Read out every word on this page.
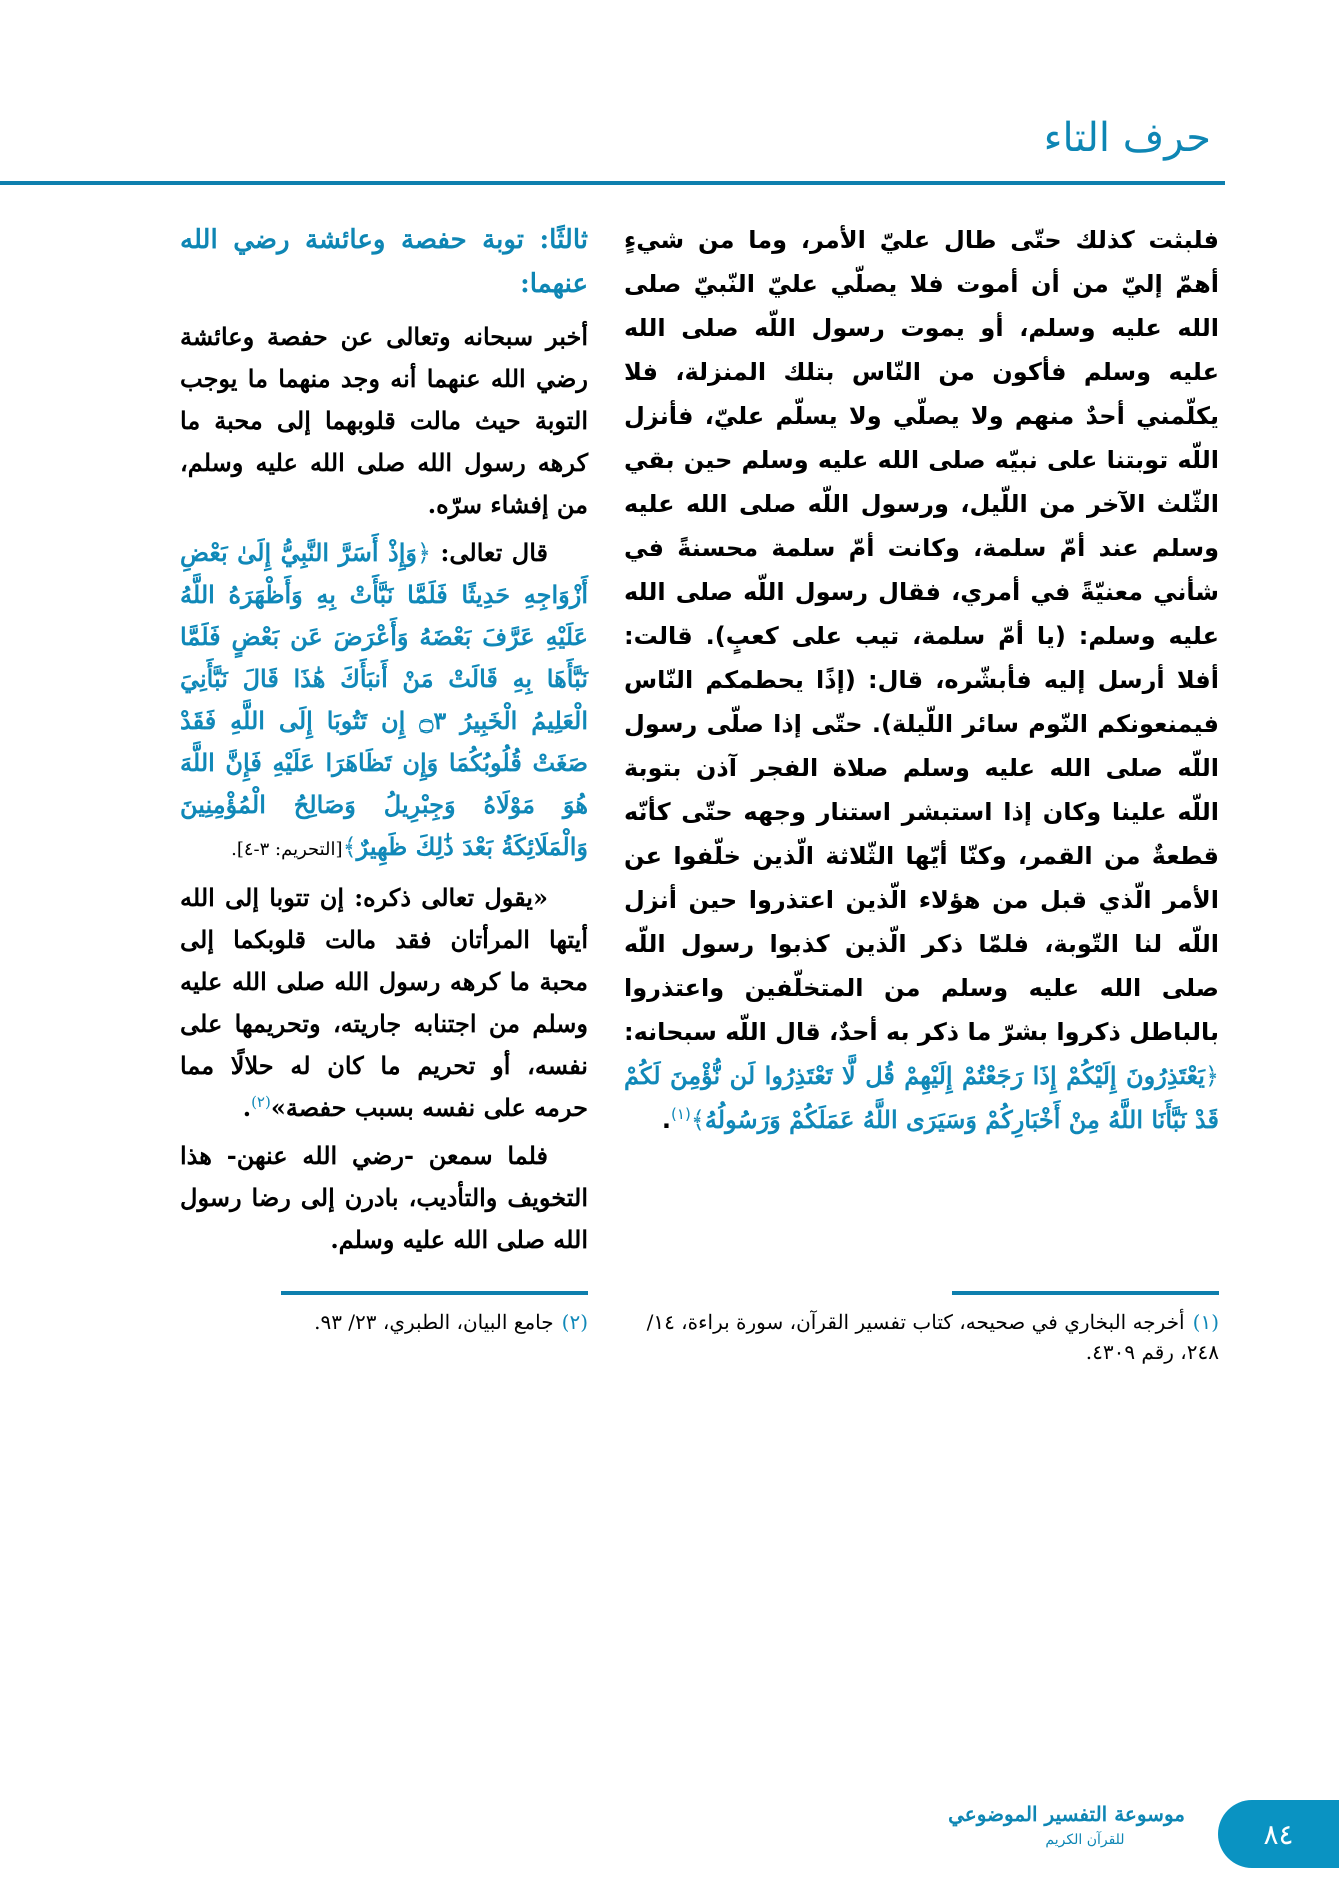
حرف التاء

فلبثت كذلك حتّى طال عليّ الأمر، وما من شيءٍ أهمّ إليّ من أن أموت فلا يصلّي عليّ النّبيّ صلى الله عليه وسلم، أو يموت رسول اللّه صلى الله عليه وسلم فأكون من النّاس بتلك المنزلة، فلا يكلّمني أحدٌ منهم ولا يصلّي ولا يسلّم عليّ، فأنزل اللّه توبتنا على نبيّه صلى الله عليه وسلم حين بقي الثّلث الآخر من اللّيل، ورسول اللّه صلى الله عليه وسلم عند أمّ سلمة، وكانت أمّ سلمة محسنةً في شأني معنيّةً في أمري، فقال رسول اللّه صلى الله عليه وسلم: (يا أمّ سلمة، تيب على كعبٍ). قالت: أفلا أرسل إليه فأبشّره، قال: (إذًا يحطمكم النّاس فيمنعونكم النّوم سائر اللّيلة). حتّى إذا صلّى رسول اللّه صلى الله عليه وسلم صلاة الفجر آذن بتوبة اللّه علينا وكان إذا استبشر استنار وجهه حتّى كأنّه قطعةٌ من القمر، وكنّا أيّها الثّلاثة الّذين خلّفوا عن الأمر الّذي قبل من هؤلاء الّذين اعتذروا حين أنزل اللّه لنا التّوبة، فلمّا ذكر الّذين كذبوا رسول اللّه صلى الله عليه وسلم من المتخلّفين واعتذروا بالباطل ذكروا بشرّ ما ذكر به أحدٌ، قال اللّه سبحانه: ﴿يَعْتَذِرُونَ إِلَيْكُمْ إِذَا رَجَعْتُمْ إِلَيْهِمْ قُل لَّا تَعْتَذِرُوا لَن نُّؤْمِنَ لَكُمْ قَدْ نَبَّأَنَا اللَّهُ مِنْ أَخْبَارِكُمْ وَسَيَرَى اللَّهُ عَمَلَكُمْ وَرَسُولُهُ﴾$^{(١)}$.

ثالثًا: توبة حفصة وعائشة رضي الله عنهما:

أخبر سبحانه وتعالى عن حفصة وعائشة رضي الله عنهما أنه وجد منهما ما يوجب التوبة حيث مالت قلوبهما إلى محبة ما كرهه رسول الله صلى الله عليه وسلم، من إفشاء سرّه.

قال تعالى: ﴿وَإِذْ أَسَرَّ النَّبِيُّ إِلَىٰ بَعْضِ أَزْوَاجِهِ حَدِيثًا فَلَمَّا نَبَّأَتْ بِهِ وَأَظْهَرَهُ اللَّهُ عَلَيْهِ عَرَّفَ بَعْضَهُ وَأَعْرَضَ عَن بَعْضٍ فَلَمَّا نَبَّأَهَا بِهِ قَالَتْ مَنْ أَنبَأَكَ هَٰذَا قَالَ نَبَّأَنِيَ الْعَلِيمُ الْخَبِيرُ ۝٣ إِن تَتُوبَا إِلَى اللَّهِ فَقَدْ صَغَتْ قُلُوبُكُمَا وَإِن تَظَاهَرَا عَلَيْهِ فَإِنَّ اللَّهَ هُوَ مَوْلَاهُ وَجِبْرِيلُ وَصَالِحُ الْمُؤْمِنِينَ وَالْمَلَائِكَةُ بَعْدَ ذَٰلِكَ ظَهِيرٌ﴾[التحريم: ٣-٤].

«يقول تعالى ذكره: إن تتوبا إلى الله أيتها المرأتان فقد مالت قلوبكما إلى محبة ما كرهه رسول الله صلى الله عليه وسلم من اجتنابه جاريته، وتحريمها على نفسه، أو تحريم ما كان له حلالًا مما حرمه على نفسه بسبب حفصة»$^{(٢)}$.

فلما سمعن -رضي الله عنهن- هذا التخويف والتأديب، بادرن إلى رضا رسول الله صلى الله عليه وسلم.

(١)أخرجه البخاري في صحيحه، كتاب تفسير القرآن، سورة براءة، ١٤/ ٢٤٨، رقم ٤٣٠٩.
(٢)جامع البيان، الطبري، ٢٣/ ٩٣.
موسوعة التفسير الموضوعي
للقرآن الكريم	٨٤
